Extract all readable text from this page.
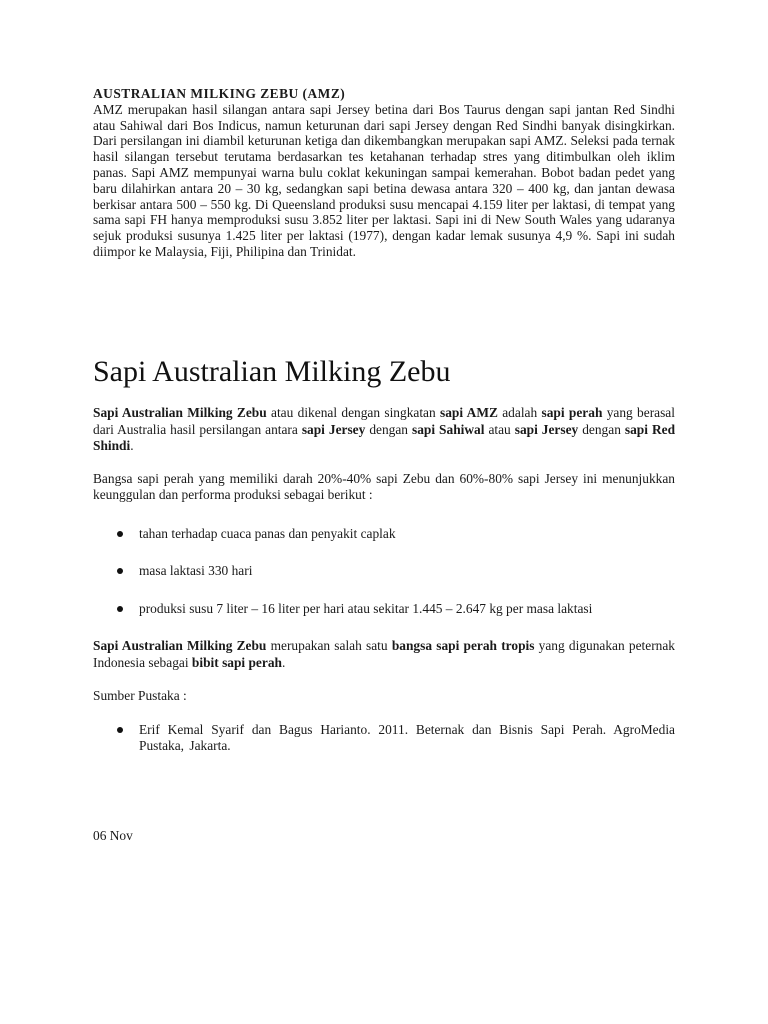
AUSTRALIAN MILKING ZEBU (AMZ)
AMZ merupakan hasil silangan antara sapi Jersey betina dari Bos Taurus dengan sapi jantan Red Sindhi atau Sahiwal dari Bos Indicus, namun keturunan dari sapi Jersey dengan Red Sindhi banyak disingkirkan. Dari persilangan ini diambil keturunan ketiga dan dikembangkan merupakan sapi AMZ. Seleksi pada ternak hasil silangan tersebut terutama berdasarkan tes ketahanan terhadap stres yang ditimbulkan oleh iklim panas. Sapi AMZ mempunyai warna bulu coklat kekuningan sampai kemerahan. Bobot badan pedet yang baru dilahirkan antara 20 – 30 kg, sedangkan sapi betina dewasa antara 320 – 400 kg, dan jantan dewasa berkisar antara 500 – 550 kg. Di Queensland produksi susu mencapai 4.159 liter per laktasi, di tempat yang sama sapi FH hanya memproduksi susu 3.852 liter per laktasi. Sapi ini di New South Wales yang udaranya sejuk produksi susunya 1.425 liter per laktasi (1977), dengan kadar lemak susunya 4,9 %. Sapi ini sudah diimpor ke Malaysia, Fiji, Philipina dan Trinidat.
Sapi Australian Milking Zebu

Sapi Australian Milking Zebu atau dikenal dengan singkatan sapi AMZ adalah sapi perah yang berasal dari Australia hasil persilangan antara sapi Jersey dengan sapi Sahiwal atau sapi Jersey dengan sapi Red Shindi.

Bangsa sapi perah yang memiliki darah 20%-40% sapi Zebu dan 60%-80% sapi Jersey ini menunjukkan keunggulan dan performa produksi sebagai berikut :

tahan terhadap cuaca panas dan penyakit caplak
masa laktasi 330 hari
produksi susu 7 liter – 16 liter per hari atau sekitar 1.445 – 2.647 kg per masa laktasi

Sapi Australian Milking Zebu merupakan salah satu bangsa sapi perah tropis yang digunakan peternak Indonesia sebagai bibit sapi perah.

Sumber Pustaka :

Erif Kemal Syarif dan Bagus Harianto. 2011. Beternak dan Bisnis Sapi Perah. AgroMedia Pustaka, Jakarta.
06 Nov
